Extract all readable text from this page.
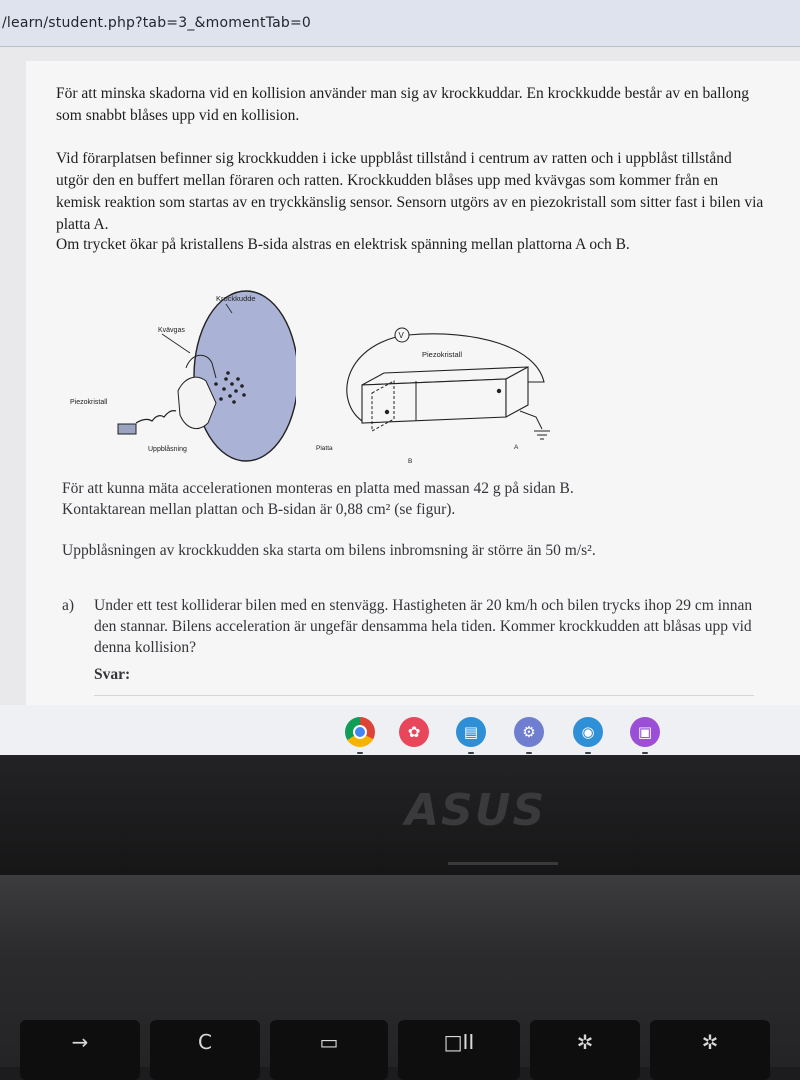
/learn/student.php?tab=3_&momentTab=0

För att minska skadorna vid en kollision använder man sig av krockkuddar. En krockkudde består av en ballong som snabbt blåses upp vid en kollision.

Vid förarplatsen befinner sig krockkudden i icke uppblåst tillstånd i centrum av ratten och i uppblåst tillstånd utgör den en buffert mellan föraren och ratten. Krockkudden blåses upp med kvävgas som kommer från en kemisk reaktion som startas av en tryckkänslig sensor. Sensorn utgörs av en piezokristall som sitter fast i bilen via platta A.

Om trycket ökar på kristallens B-sida alstras en elektrisk spänning mellan plattorna A och B.

Krockkudde
Kvävgas
Piezokristall
Uppblåsning
V
Piezokristall
Platta	A
B

För att kunna mäta accelerationen monteras en platta med massan 42 g på sidan B.

Kontaktarean mellan plattan och B-sidan är 0,88 cm² (se figur).

Uppblåsningen av krockkudden ska starta om bilens inbromsning är större än 50 m/s².

a) Under ett test kolliderar bilen med en stenvägg. Hastigheten är 20 km/h och bilen trycks ihop 29 cm innan den stannar. Bilens acceleration är ungefär densamma hela tiden. Kommer krockkudden att blåsas upp vid denna kollision?

Svar:
✿	▤	⚙	◉	▣
ASUS
→	C	▭	□II	✲	✲
